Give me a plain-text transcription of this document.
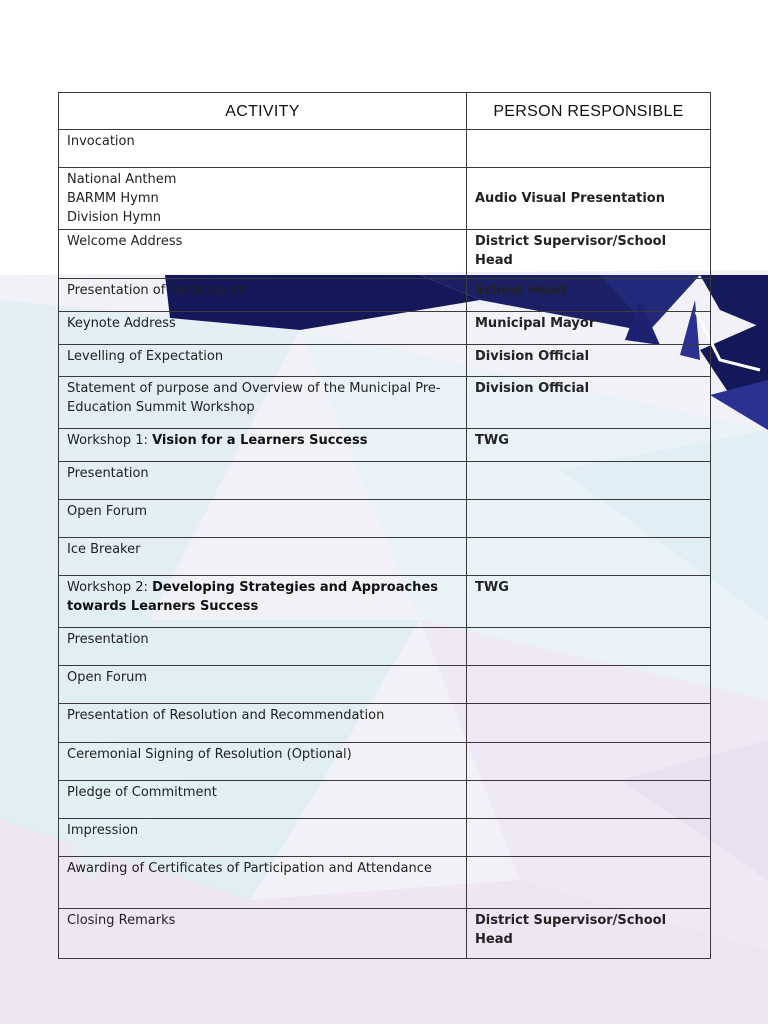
ACTIVITY	PERSON RESPONSIBLE
Invocation	

National Anthem
BARMM Hymn
Division Hymn	Audio Visual Presentation
Welcome Address	District Supervisor/School Head
Presentation of Participants	School Head
Keynote Address	Municipal Mayor
Levelling of Expectation	Division Official
Statement of purpose and Overview of the Municipal Pre-Education Summit Workshop	Division Official
Workshop 1: Vision for a Learners Success	TWG
Presentation	
Open Forum	
Ice Breaker	
Workshop 2: Developing Strategies and Approaches towards Learners Success	TWG
Presentation	
Open Forum	
Presentation of Resolution and Recommendation	
Ceremonial Signing of Resolution (Optional)	
Pledge of Commitment	
Impression	
Awarding of Certificates of Participation and Attendance	
Closing Remarks	District Supervisor/School Head
